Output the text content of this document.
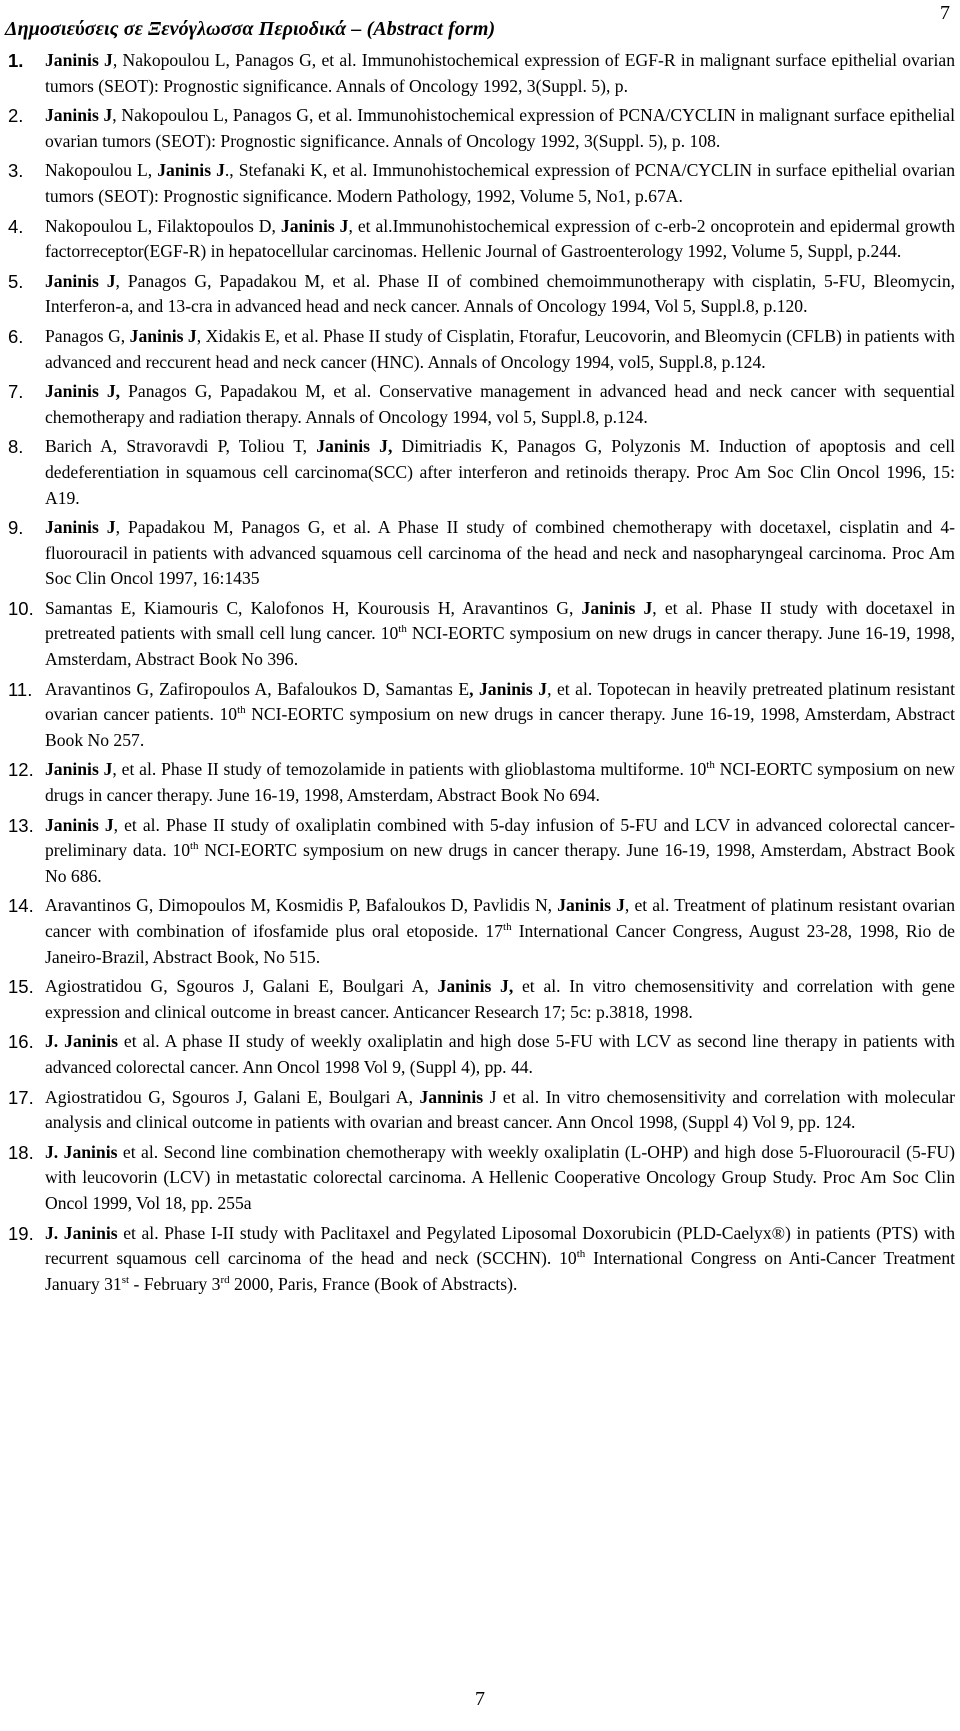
7
Δημοσιεύσεις σε Ξενόγλωσσα Περιοδικά – (Abstract form)
1. Janinis J, Nakopoulou L, Panagos G, et al. Immunohistochemical expression of EGF-R in malignant surface epithelial ovarian tumors (SEOT): Prognostic significance. Annals of Oncology 1992, 3(Suppl. 5), p.
2. Janinis J, Nakopoulou L, Panagos G, et al. Immunohistochemical expression of PCNA/CYCLIN in malignant surface epithelial ovarian tumors (SEOT): Prognostic significance. Annals of Oncology 1992, 3(Suppl. 5), p. 108.
3. Nakopoulou L, Janinis J., Stefanaki K, et al. Immunohistochemical expression of PCNA/CYCLIN in surface epithelial ovarian tumors (SEOT): Prognostic significance. Modern Pathology, 1992, Volume 5, No1, p.67A.
4. Nakopoulou L, Filaktopoulos D, Janinis J, et al.Immunohistochemical expression of c-erb-2 oncoprotein and epidermal growth factorreceptor(EGF-R) in hepatocellular carcinomas. Hellenic Journal of Gastroenterology 1992, Volume 5, Suppl, p.244.
5. Janinis J, Panagos G, Papadakou M, et al. Phase II of combined chemoimmunotherapy with cisplatin, 5-FU, Bleomycin, Interferon-a, and 13-cra in advanced head and neck cancer. Annals of Oncology 1994, Vol 5, Suppl.8, p.120.
6. Panagos G, Janinis J, Xidakis E, et al. Phase II study of Cisplatin, Ftorafur, Leucovorin, and Bleomycin (CFLB) in patients with advanced and reccurent head and neck cancer (HNC). Annals of Oncology 1994, vol5, Suppl.8, p.124.
7. Janinis J, Panagos G, Papadakou M, et al. Conservative management in advanced head and neck cancer with sequential chemotherapy and radiation therapy. Annals of Oncology 1994, vol 5, Suppl.8, p.124.
8. Barich A, Stravoravdi P, Toliou T, Janinis J, Dimitriadis K, Panagos G, Polyzonis M. Induction of apoptosis and cell dedeferentiation in squamous cell carcinoma(SCC) after interferon and retinoids therapy. Proc Am Soc Clin Oncol 1996, 15: A19.
9. Janinis J, Papadakou M, Panagos G, et al. A Phase II study of combined chemotherapy with docetaxel, cisplatin and 4-fluorouracil in patients with advanced squamous cell carcinoma of the head and neck and nasopharyngeal carcinoma. Proc Am Soc Clin Oncol 1997, 16:1435
10. Samantas E, Kiamouris C, Kalofonos H, Kourousis H, Aravantinos G, Janinis J, et al. Phase II study with docetaxel in pretreated patients with small cell lung cancer. 10th NCI-EORTC symposium on new drugs in cancer therapy. June 16-19, 1998, Amsterdam, Abstract Book No 396.
11. Aravantinos G, Zafiropoulos A, Bafaloukos D, Samantas E, Janinis J, et al. Topotecan in heavily pretreated platinum resistant ovarian cancer patients. 10th NCI-EORTC symposium on new drugs in cancer therapy. June 16-19, 1998, Amsterdam, Abstract Book No 257.
12. Janinis J, et al. Phase II study of temozolamide in patients with glioblastoma multiforme. 10th NCI-EORTC symposium on new drugs in cancer therapy. June 16-19, 1998, Amsterdam, Abstract Book No 694.
13. Janinis J, et al. Phase II study of oxaliplatin combined with 5-day infusion of 5-FU and LCV in advanced colorectal cancer-preliminary data. 10th NCI-EORTC symposium on new drugs in cancer therapy. June 16-19, 1998, Amsterdam, Abstract Book No 686.
14. Aravantinos G, Dimopoulos M, Kosmidis P, Bafaloukos D, Pavlidis N, Janinis J, et al. Treatment of platinum resistant ovarian cancer with combination of ifosfamide plus oral etoposide. 17th International Cancer Congress, August 23-28, 1998, Rio de Janeiro-Brazil, Abstract Book, No 515.
15. Agiostratidou G, Sgouros J, Galani E, Boulgari A, Janinis J, et al. In vitro chemosensitivity and correlation with gene expression and clinical outcome in breast cancer. Anticancer Research 17; 5c: p.3818, 1998.
16. J. Janinis et al. A phase II study of weekly oxaliplatin and high dose 5-FU with LCV as second line therapy in patients with advanced colorectal cancer. Ann Oncol 1998 Vol 9, (Suppl 4), pp. 44.
17. Agiostratidou G, Sgouros J, Galani E, Boulgari A, Janninis J et al. In vitro chemosensitivity and correlation with molecular analysis and clinical outcome in patients with ovarian and breast cancer. Ann Oncol 1998, (Suppl 4) Vol 9, pp. 124.
18. J. Janinis et al. Second line combination chemotherapy with weekly oxaliplatin (L-OHP) and high dose 5-Fluorouracil (5-FU) with leucovorin (LCV) in metastatic colorectal carcinoma. A Hellenic Cooperative Oncology Group Study. Proc Am Soc Clin Oncol 1999, Vol 18, pp. 255a
19. J. Janinis et al. Phase I-II study with Paclitaxel and Pegylated Liposomal Doxorubicin (PLD-Caelyx®) in patients (PTS) with recurrent squamous cell carcinoma of the head and neck (SCCHN). 10th International Congress on Anti-Cancer Treatment January 31st - February 3rd 2000, Paris, France (Book of Abstracts).
7
